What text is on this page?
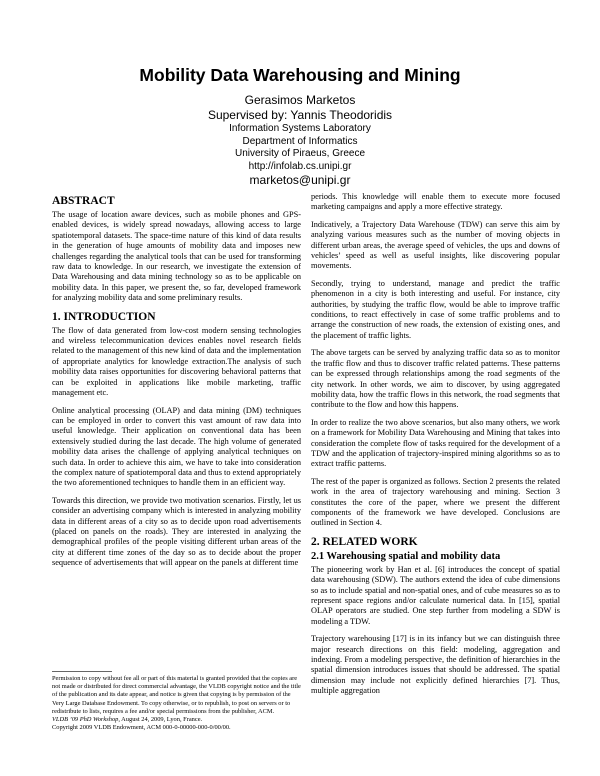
Mobility Data Warehousing and Mining
Gerasimos Marketos
Supervised by: Yannis Theodoridis
Information Systems Laboratory
Department of Informatics
University of Piraeus, Greece
http://infolab.cs.unipi.gr
marketos@unipi.gr
ABSTRACT

The usage of location aware devices, such as mobile phones and GPS-enabled devices, is widely spread nowadays, allowing access to large spatiotemporal datasets. The space-time nature of this kind of data results in the generation of huge amounts of mobility data and imposes new challenges regarding the analytical tools that can be used for transforming raw data to knowledge. In our research, we investigate the extension of Data Warehousing and data mining technology so as to be applicable on mobility data. In this paper, we present the, so far, developed framework for analyzing mobility data and some preliminary results.

1. INTRODUCTION

The flow of data generated from low-cost modern sensing technologies and wireless telecommunication devices enables novel research fields related to the management of this new kind of data and the implementation of appropriate analytics for knowledge extraction.The analysis of such mobility data raises opportunities for discovering behavioral patterns that can be exploited in applications like mobile marketing, traffic management etc.

Online analytical processing (OLAP) and data mining (DM) techniques can be employed in order to convert this vast amount of raw data into useful knowledge. Their application on conventional data has been extensively studied during the last decade. The high volume of generated mobility data arises the challenge of applying analytical techniques on such data. In order to achieve this aim, we have to take into consideration the complex nature of spatiotemporal data and thus to extend appropriately the two aforementioned techniques to handle them in an efficient way.

Towards this direction, we provide two motivation scenarios. Firstly, let us consider an advertising company which is interested in analyzing mobility data in different areas of a city so as to decide upon road advertisements (placed on panels on the roads). They are interested in analyzing the demographical profiles of the people visiting different urban areas of the city at different time zones of the day so as to decide about the proper sequence of advertisements that will appear on the panels at different time

Permission to copy without fee all or part of this material is granted provided that the copies are not made or distributed for direct commercial advantage, the VLDB copyright notice and the title of the publication and its date appear, and notice is given that copying is by permission of the Very Large Database Endowment. To copy otherwise, or to republish, to post on servers or to redistribute to lists, requires a fee and/or special permissions from the publisher, ACM.
VLDB ’09 PhD Workshop, August 24, 2009, Lyon, France.
Copyright 2009 VLDB Endowment, ACM 000-0-00000-000-0/00/00.

periods. This knowledge will enable them to execute more focused marketing campaigns and apply a more effective strategy.

Indicatively, a Trajectory Data Warehouse (TDW) can serve this aim by analyzing various measures such as the number of moving objects in different urban areas, the average speed of vehicles, the ups and downs of vehicles’ speed as well as useful insights, like discovering popular movements.

Secondly, trying to understand, manage and predict the traffic phenomenon in a city is both interesting and useful. For instance, city authorities, by studying the traffic flow, would be able to improve traffic conditions, to react effectively in case of some traffic problems and to arrange the construction of new roads, the extension of existing ones, and the placement of traffic lights.

The above targets can be served by analyzing traffic data so as to monitor the traffic flow and thus to discover traffic related patterns. These patterns can be expressed through relationships among the road segments of the city network. In other words, we aim to discover, by using aggregated mobility data, how the traffic flows in this network, the road segments that contribute to the flow and how this happens.

In order to realize the two above scenarios, but also many others, we work on a framework for Mobility Data Warehousing and Mining that takes into consideration the complete flow of tasks required for the development of a TDW and the application of trajectory-inspired mining algorithms so as to extract traffic patterns.

The rest of the paper is organized as follows. Section 2 presents the related work in the area of trajectory warehousing and mining. Section 3 constitutes the core of the paper, where we present the different components of the framework we have developed. Conclusions are outlined in Section 4.

2. RELATED WORK
2.1 Warehousing spatial and mobility data

The pioneering work by Han et al. [6] introduces the concept of spatial data warehousing (SDW). The authors extend the idea of cube dimensions so as to include spatial and non-spatial ones, and of cube measures so as to represent space regions and/or calculate numerical data. In [15], spatial OLAP operators are studied. One step further from modeling a SDW is modeling a TDW.

Trajectory warehousing [17] is in its infancy but we can distinguish three major research directions on this field: modeling, aggregation and indexing. From a modeling perspective, the definition of hierarchies in the spatial dimension introduces issues that should be addressed. The spatial dimension may include not explicitly defined hierarchies [7]. Thus, multiple aggregation
